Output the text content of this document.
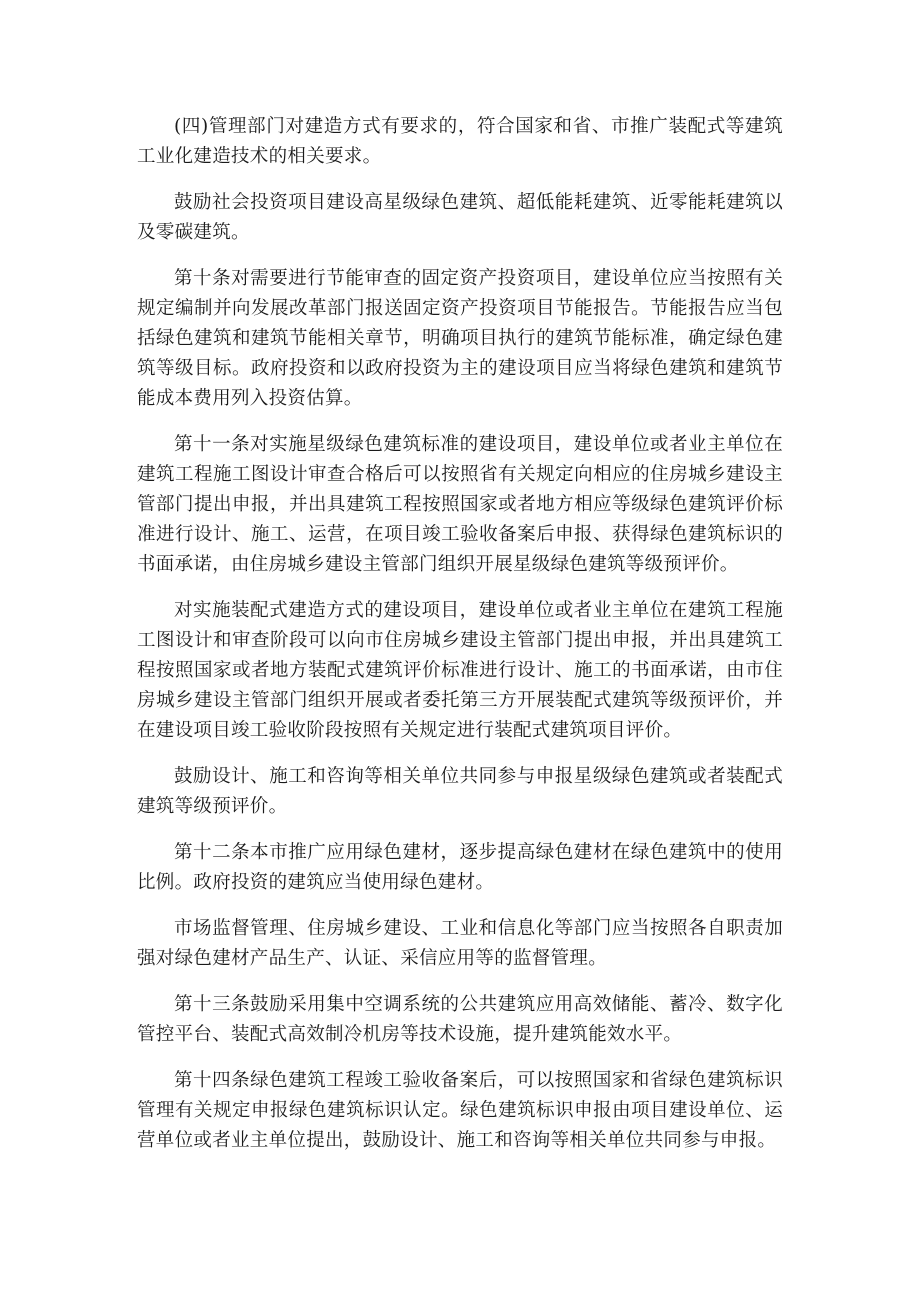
(四)管理部门对建造方式有要求的，符合国家和省、市推广装配式等建筑工业化建造技术的相关要求。

鼓励社会投资项目建设高星级绿色建筑、超低能耗建筑、近零能耗建筑以及零碳建筑。

第十条对需要进行节能审查的固定资产投资项目，建设单位应当按照有关规定编制并向发展改革部门报送固定资产投资项目节能报告。节能报告应当包括绿色建筑和建筑节能相关章节，明确项目执行的建筑节能标准，确定绿色建筑等级目标。政府投资和以政府投资为主的建设项目应当将绿色建筑和建筑节能成本费用列入投资估算。

第十一条对实施星级绿色建筑标准的建设项目，建设单位或者业主单位在建筑工程施工图设计审查合格后可以按照省有关规定向相应的住房城乡建设主管部门提出申报，并出具建筑工程按照国家或者地方相应等级绿色建筑评价标准进行设计、施工、运营，在项目竣工验收备案后申报、获得绿色建筑标识的书面承诺，由住房城乡建设主管部门组织开展星级绿色建筑等级预评价。

对实施装配式建造方式的建设项目，建设单位或者业主单位在建筑工程施工图设计和审查阶段可以向市住房城乡建设主管部门提出申报，并出具建筑工程按照国家或者地方装配式建筑评价标准进行设计、施工的书面承诺，由市住房城乡建设主管部门组织开展或者委托第三方开展装配式建筑等级预评价，并在建设项目竣工验收阶段按照有关规定进行装配式建筑项目评价。

鼓励设计、施工和咨询等相关单位共同参与申报星级绿色建筑或者装配式建筑等级预评价。

第十二条本市推广应用绿色建材，逐步提高绿色建材在绿色建筑中的使用比例。政府投资的建筑应当使用绿色建材。

市场监督管理、住房城乡建设、工业和信息化等部门应当按照各自职责加强对绿色建材产品生产、认证、采信应用等的监督管理。

第十三条鼓励采用集中空调系统的公共建筑应用高效储能、蓄冷、数字化管控平台、装配式高效制冷机房等技术设施，提升建筑能效水平。

第十四条绿色建筑工程竣工验收备案后，可以按照国家和省绿色建筑标识管理有关规定申报绿色建筑标识认定。绿色建筑标识申报由项目建设单位、运营单位或者业主单位提出，鼓励设计、施工和咨询等相关单位共同参与申报。
